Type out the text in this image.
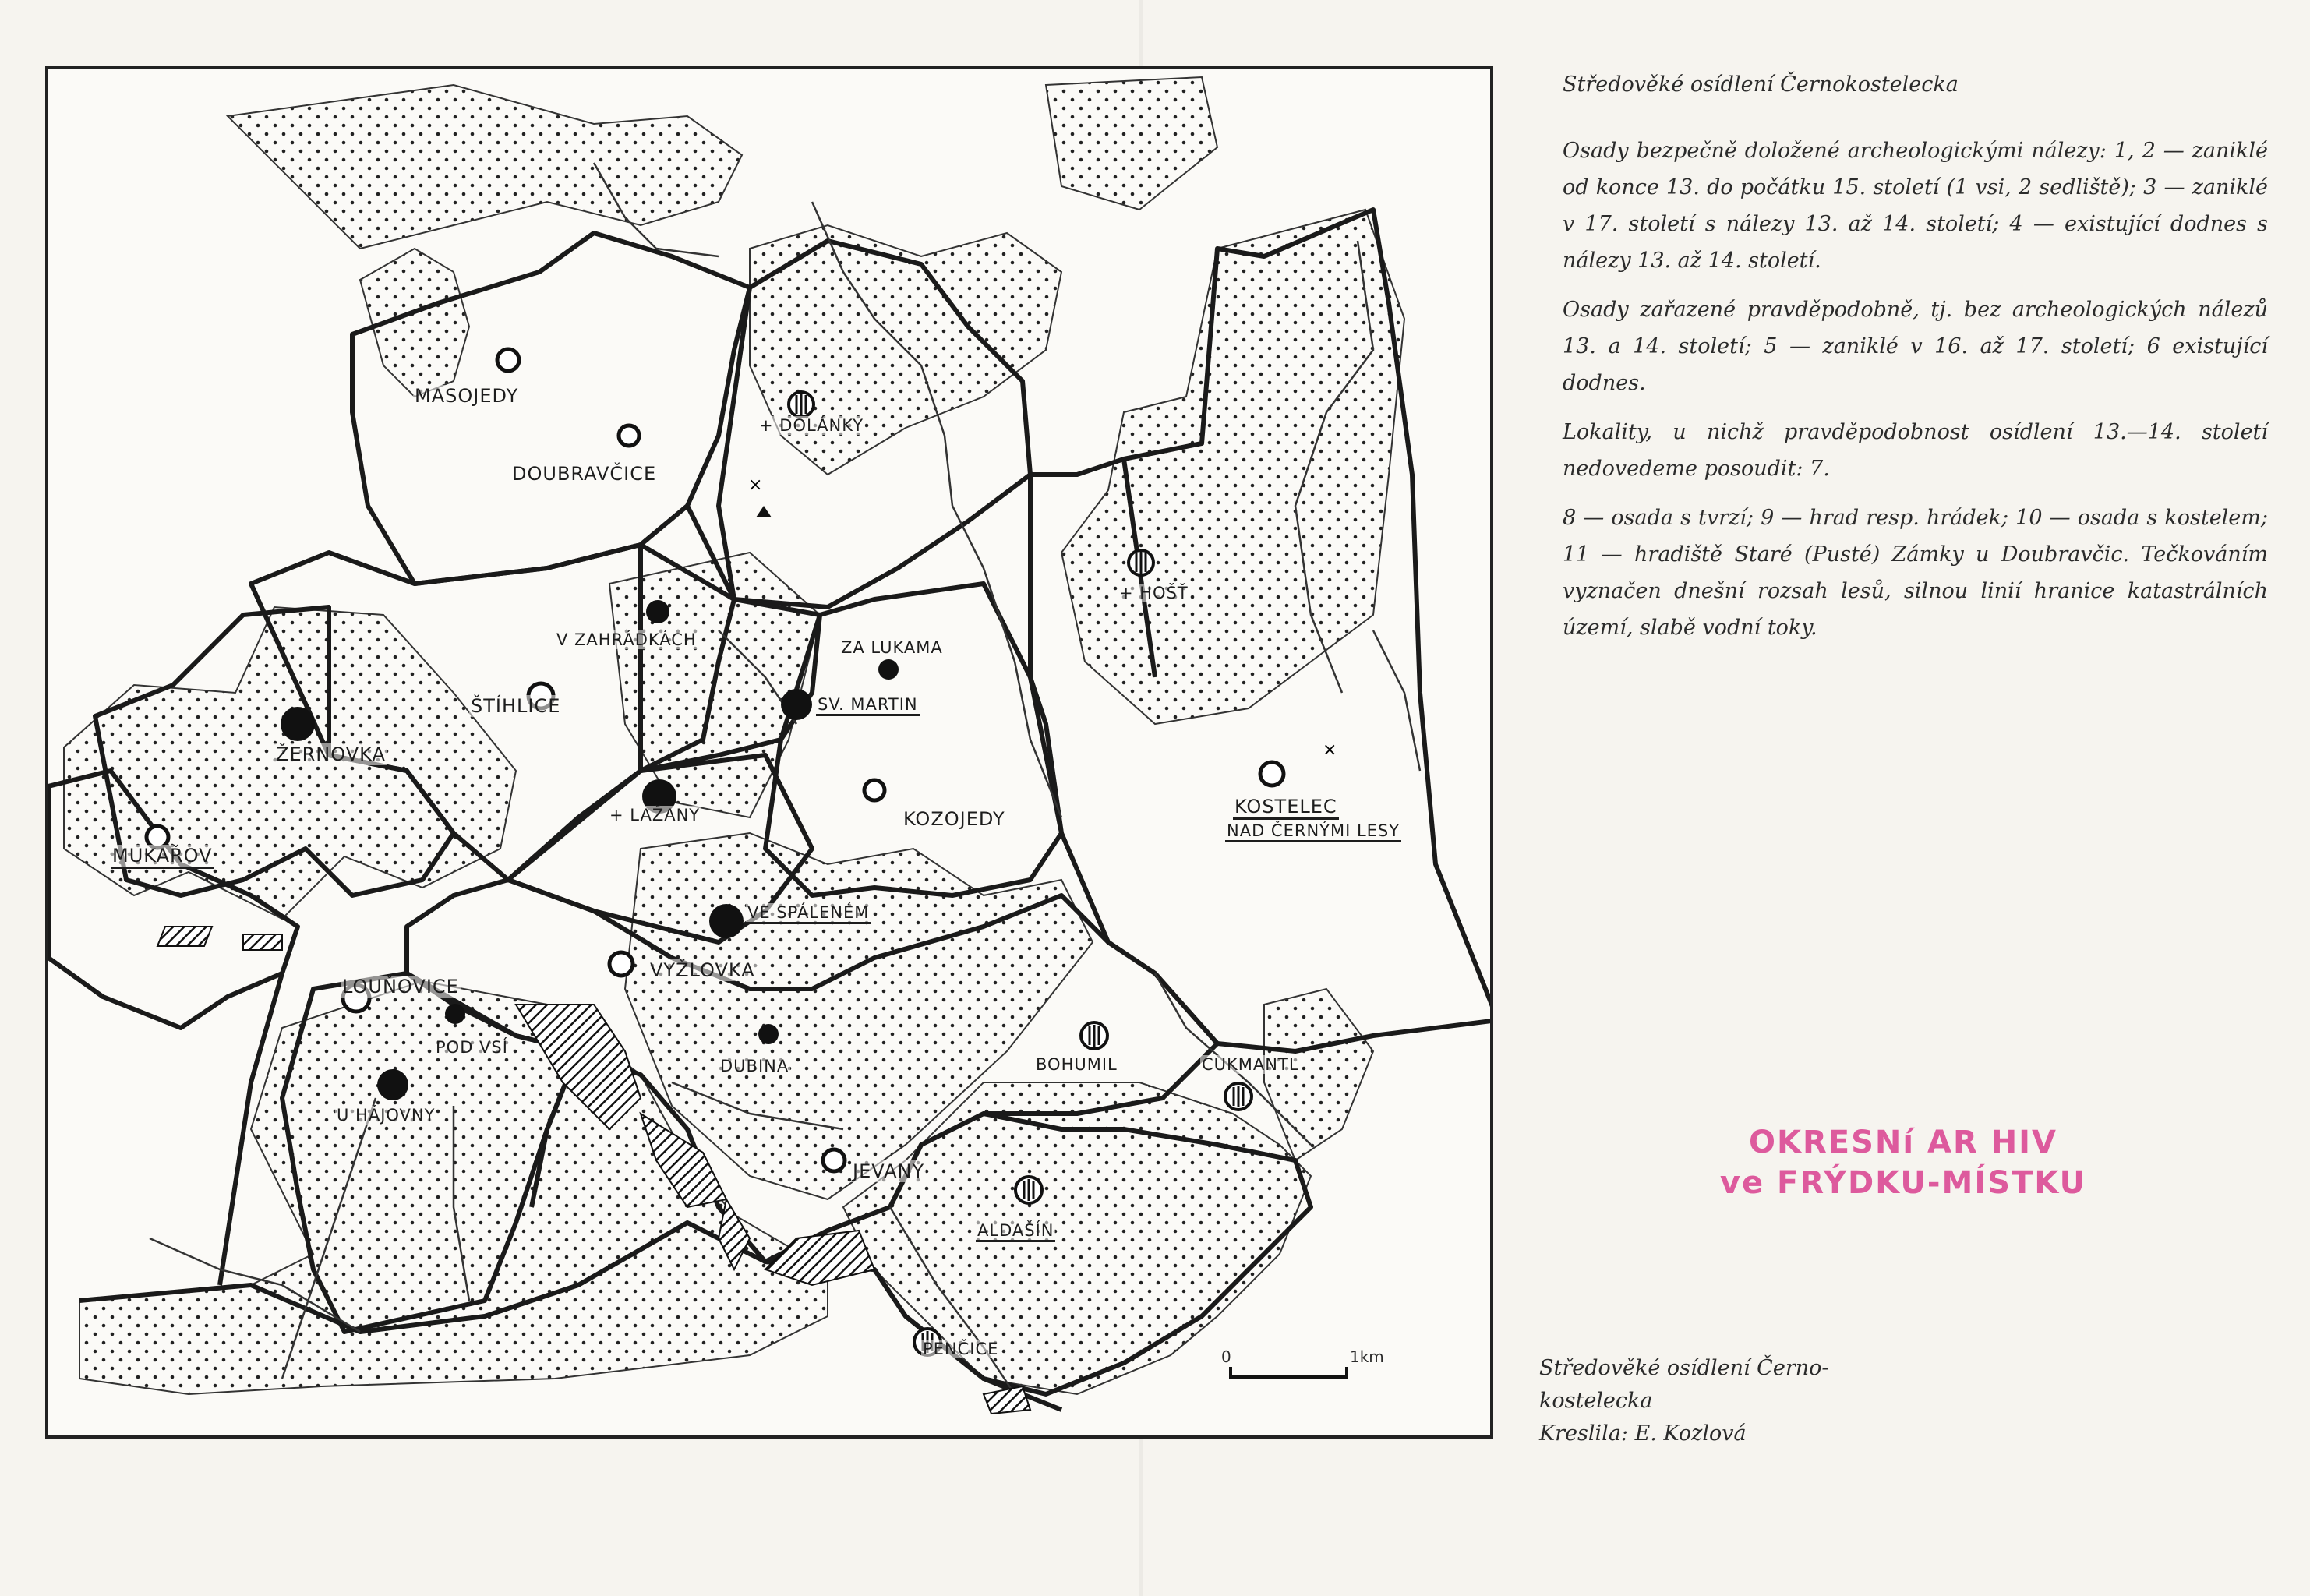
×
×
MASOJEDY
DOUBRAVČICE
+ DOLÁNKY
+ HOŠŤ
V ZAHRÁDKÁCH	ZA LUKAMA
ŠTÍHLICE	SV. MARTIN
ŽERNOVKA
+ LAŽANY	KOZOJEDY
KOSTELEC
NAD ČERNÝMI LESY
MUKAŘOV
VE SPÁLENÉM
LOUŇOVICE
VYŽLOVKA
POD VSÍ
BOHUMIL	CUKMANTL
DUBINA
U HÁJOVNY
JEVANY
ALDAŠÍN
PENČICE	0	1km
Středověké osídlení Černokostelecka

Osady bezpečně doložené archeologickými nálezy: 1, 2 — zaniklé od konce 13. do počátku 15. století (1 vsi, 2 sedliště); 3 — zaniklé v 17. století s nálezy 13. až 14. století; 4 — existující dodnes s nálezy 13. až 14. století.

Osady zařazené pravděpodobně, tj. bez archeologických nálezů 13. a 14. století; 5 — zaniklé v 16. až 17. století; 6 existující dodnes.

Lokality, u nichž pravděpodobnost osídlení 13.—14. století nedovedeme posoudit: 7.

8 — osada s tvrzí; 9 — hrad resp. hrádek; 10 — osada s kostelem; 11 — hradiště Staré (Pusté) Zámky u Doubravčic. Tečkováním vyznačen dnešní rozsah lesů, silnou linií hranice katastrálních území, slabě vodní toky.

OKRESNí AR HIV
ve FRÝDKU-MÍSTKU
Středověké osídlení Černo-
kostelecka
Kreslila: E. Kozlová
